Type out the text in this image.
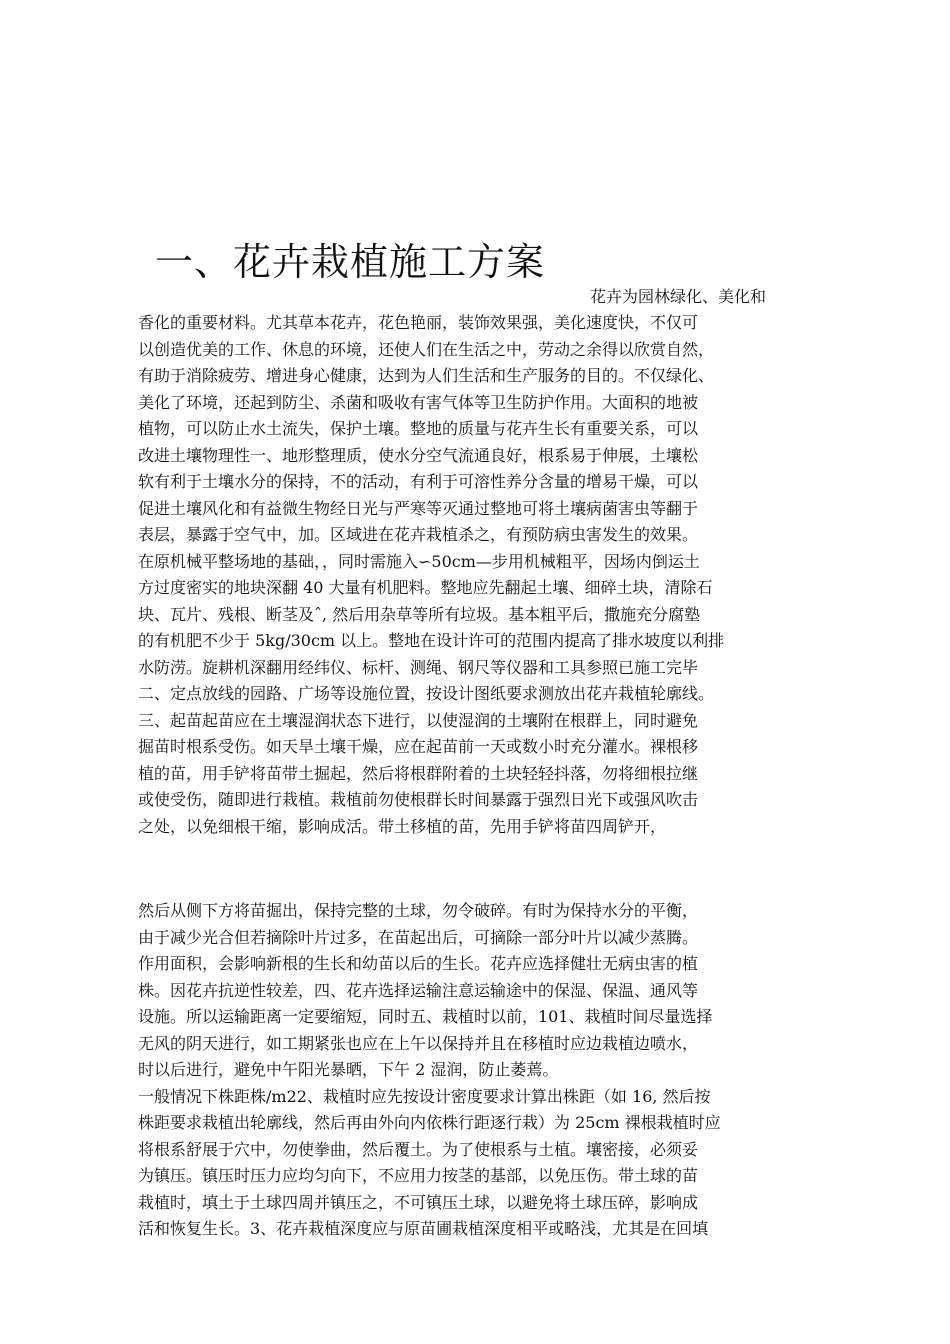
一、花卉栽植施工方案
花卉为园林绿化、美化和
香化的重要材料。尤其草本花卉，花色艳丽，装饰效果强，美化速度快，不仅可
以创造优美的工作、休息的环境，还使人们在生活之中，劳动之余得以欣赏自然，
有助于消除疲劳、增进身心健康，达到为人们生活和生产服务的目的。不仅绿化、
美化了环境，还起到防尘、杀菌和吸收有害气体等卫生防护作用。大面积的地被
植物，可以防止水土流失，保护土壤。整地的质量与花卉生长有重要关系，可以
改进土壤物理性一、地形整理质，使水分空气流通良好，根系易于伸展，土壤松
软有利于土壤水分的保持，不的活动，有利于可溶性养分含量的增易干燥，可以
促进土壤风化和有益微生物经日光与严寒等灭通过整地可将土壤病菌害虫等翻于
表层，暴露于空气中，加。区域进在花卉栽植杀之，有预防病虫害发生的效果。
在原机械平整场地的基础，，同时需施入∽50cm—步用机械粗平，因场内倒运土
方过度密实的地块深翻 40 大量有机肥料。整地应先翻起土壤、细碎土块，清除石
块、瓦片、残根、断茎及ˆ, 然后用杂草等所有垃圾。基本粗平后，撒施充分腐塾
的有机肥不少于 5kg/30cm 以上。整地在设计许可的范围内提高了排水坡度以利排
水防涝。旋耕机深翻用经纬仪、标杆、测绳、钢尺等仪器和工具参照已施工完毕
二、定点放线的园路、广场等设施位置，按设计图纸要求测放出花卉栽植轮廓线。
三、起苗起苗应在土壤湿润状态下进行，以使湿润的土壤附在根群上，同时避免
掘苗时根系受伤。如天旱土壤干燥，应在起苗前一天或数小时充分灌水。裸根移
植的苗，用手铲将苗带土掘起，然后将根群附着的土块轻轻抖落，勿将细根拉继
或使受伤，随即进行栽植。栽植前勿使根群长时间暴露于强烈日光下或强风吹击
之处，以免细根干缩，影响成活。带土移植的苗，先用手铲将苗四周铲开，
然后从侧下方将苗掘出，保持完整的土球，勿令破碎。有时为保持水分的平衡，
由于减少光合但若摘除叶片过多，在苗起出后，可摘除一部分叶片以减少蒸腾。
作用面积，会影响新根的生长和幼苗以后的生长。花卉应选择健壮无病虫害的植
株。因花卉抗逆性较差，四、花卉选择运输注意运输途中的保湿、保温、通风等
设施。所以运输距离一定要缩短，同时五、栽植时以前，101、栽植时间尽量选择
无风的阴天进行，如工期紧张也应在上午以保持并且在移植时应边栽植边喷水，
时以后进行，避免中午阳光暴晒，下午 2 湿润，防止萎蔫。
一般情况下株距株/m22、栽植时应先按设计密度要求计算出株距（如 16, 然后按
株距要求栽植出轮廓线，然后再由外向内依株行距逐行栽）为 25cm 裸根栽植时应
将根系舒展于穴中，勿使拳曲，然后覆土。为了使根系与土植。壤密接，必须妥
为镇压。镇压时压力应均匀向下，不应用力按茎的基部，以免压伤。带土球的苗
栽植时，填土于土球四周并镇压之，不可镇压土球，以避免将土球压碎，影响成
活和恢复生长。3、花卉栽植深度应与原苗圃栽植深度相平或略浅，尤其是在回填
